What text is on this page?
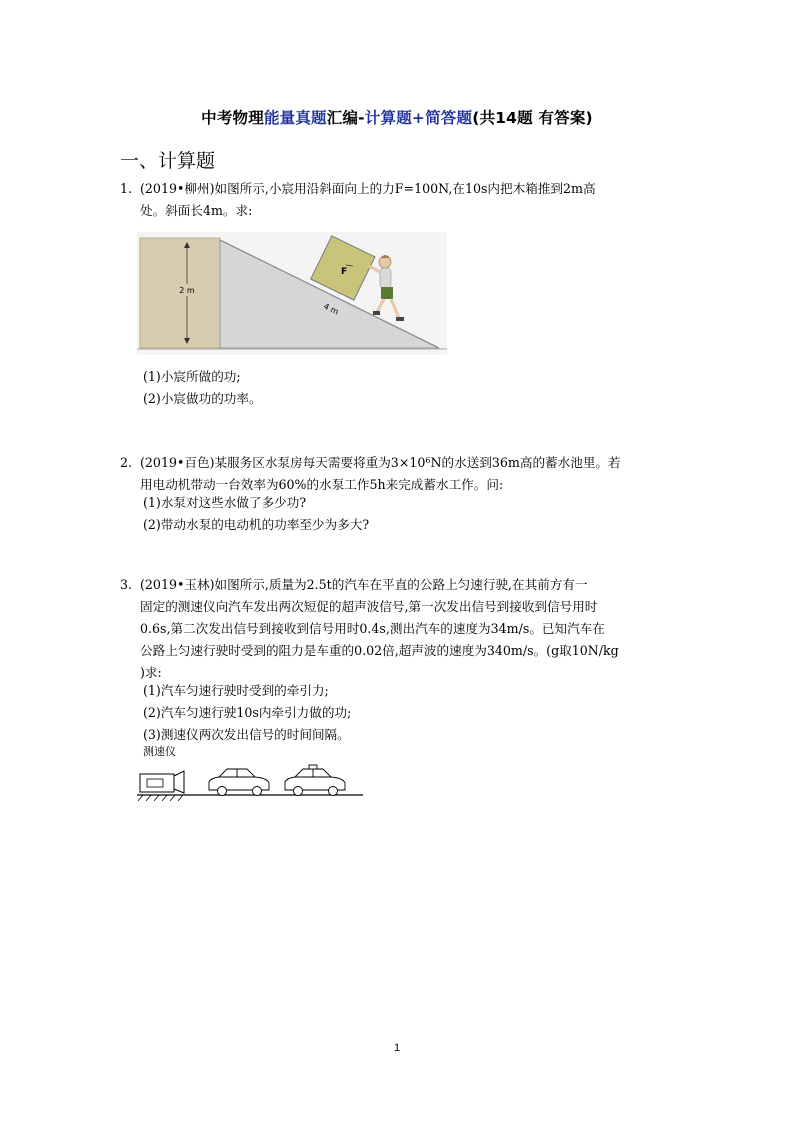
中考物理能量真题汇编-计算题+简答题(共14题 有答案)
一、计算题
1. (2019•柳州)如图所示,小宸用沿斜面向上的力F=100N,在10s内把木箱推到2m高
处。斜面长4m。求:
2 m
4 m
F
(1)小宸所做的功;
(2)小宸做功的功率。
2. (2019•百色)某服务区水泵房每天需要将重为$3\times 10^6N$的水送到36m高的蓄水池里。若
用电动机带动一台效率为60%的水泵工作5h来完成蓄水工作。问:
(1)水泵对这些水做了多少功?
(2)带动水泵的电动机的功率至少为多大?
3. (2019•玉林)如图所示,质量为2.5t的汽车在平直的公路上匀速行驶,在其前方有一
固定的测速仪向汽车发出两次短促的超声波信号,第一次发出信号到接收到信号用时
0.6s,第二次发出信号到接收到信号用时0.4s,测出汽车的速度为34m/s。已知汽车在
公路上匀速行驶时受到的阻力是车重的0.02倍,超声波的速度为340m/s。(g取10N/kg
)求:
(1)汽车匀速行驶时受到的牵引力;
(2)汽车匀速行驶10s内牵引力做的功;
(3)测速仪两次发出信号的时间间隔。
测速仪
1
